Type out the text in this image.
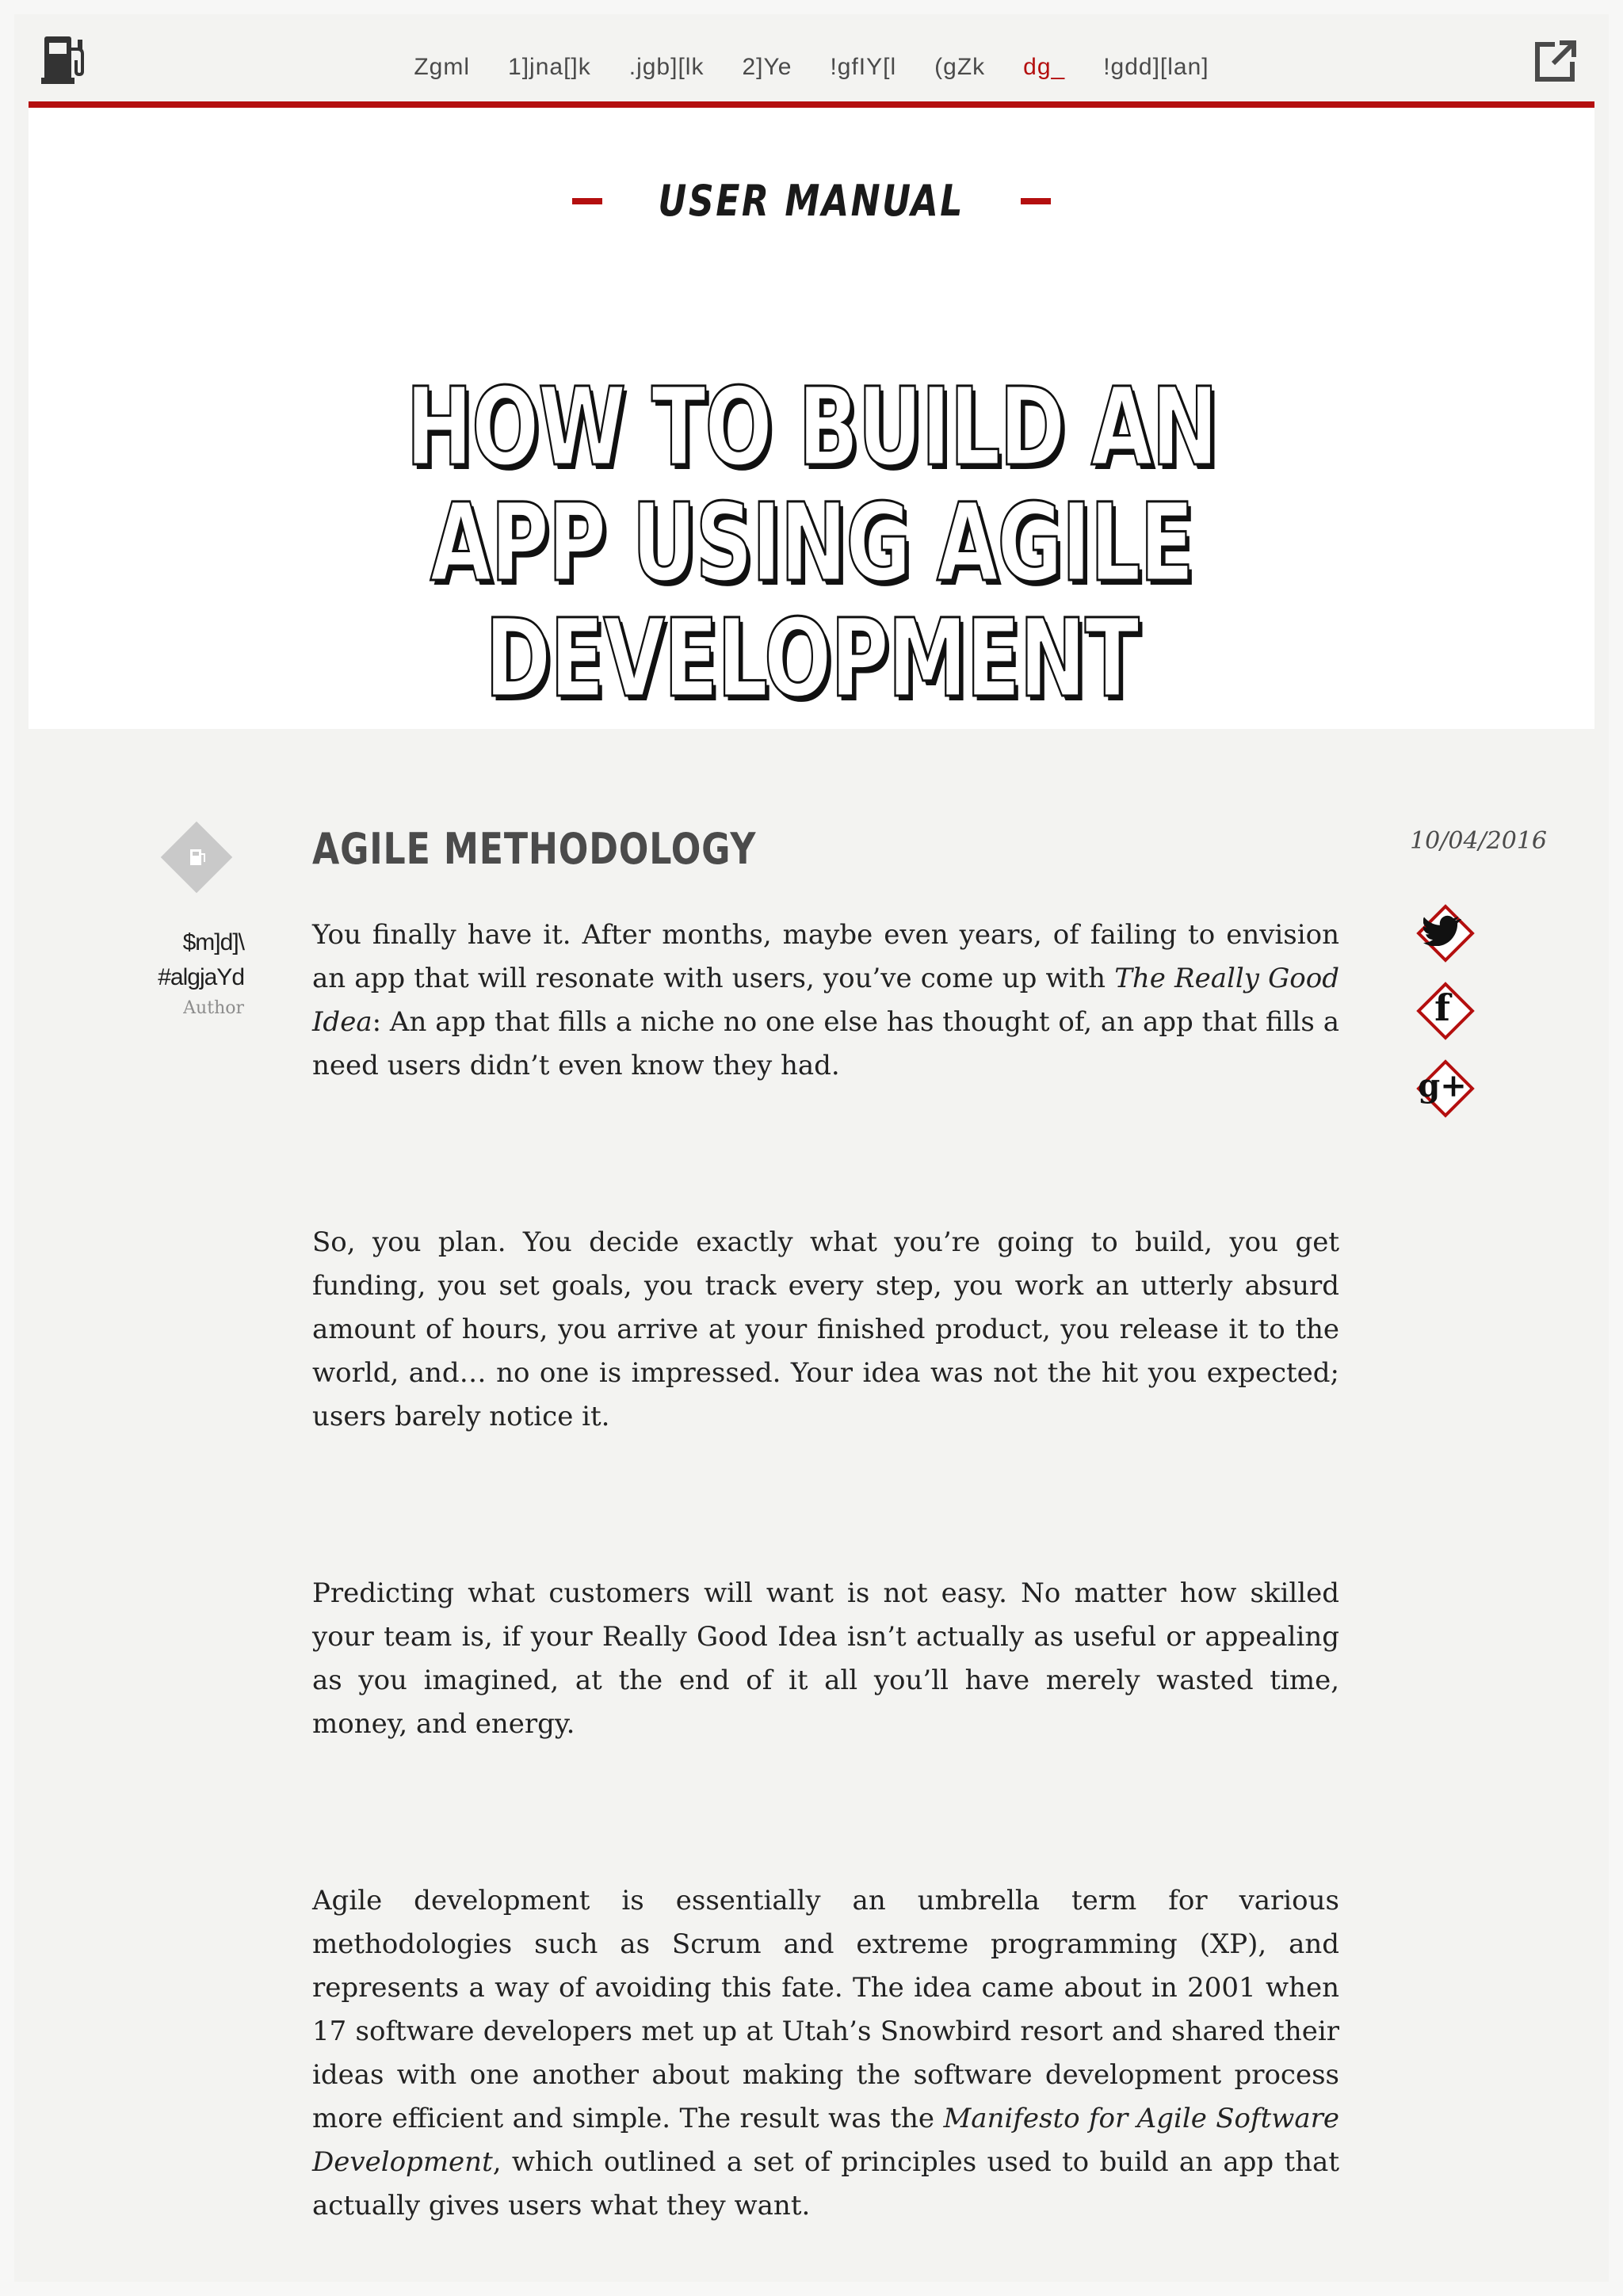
Zgml 1]jna[]k .jgb][lk 2]Ye !gfIY[l (gZk dg_ !gdd][lan]
USER MANUAL
HOW TO BUILD AN APP USING AGILE DEVELOPMENT
$m]d]\
#algjaYd
Author
AGILE METHODOLOGY

You finally have it. After months, maybe even years, of failing to envision an app that will resonate with users, you’ve come up with The Really Good Idea: An app that fills a niche no one else has thought of, an app that fills a need users didn’t even know they had.

So, you plan. You decide exactly what you’re going to build, you get funding, you set goals, you track every step, you work an utterly absurd amount of hours, you arrive at your finished product, you release it to the world, and… no one is impressed. Your idea was not the hit you expected; users barely notice it.

Predicting what customers will want is not easy. No matter how skilled your team is, if your Really Good Idea isn’t actually as useful or appealing as you imagined, at the end of it all you’ll have merely wasted time, money, and energy.

Agile development is essentially an umbrella term for various methodologies such as Scrum and extreme programming (XP), and represents a way of avoiding this fate. The idea came about in 2001 when 17 software developers met up at Utah’s Snowbird resort and shared their ideas with one another about making the software development process more efficient and simple. The result was the Manifesto for Agile Software Development, which outlined a set of principles used to build an app that actually gives users what they want.

10/04/2016
f
g+
